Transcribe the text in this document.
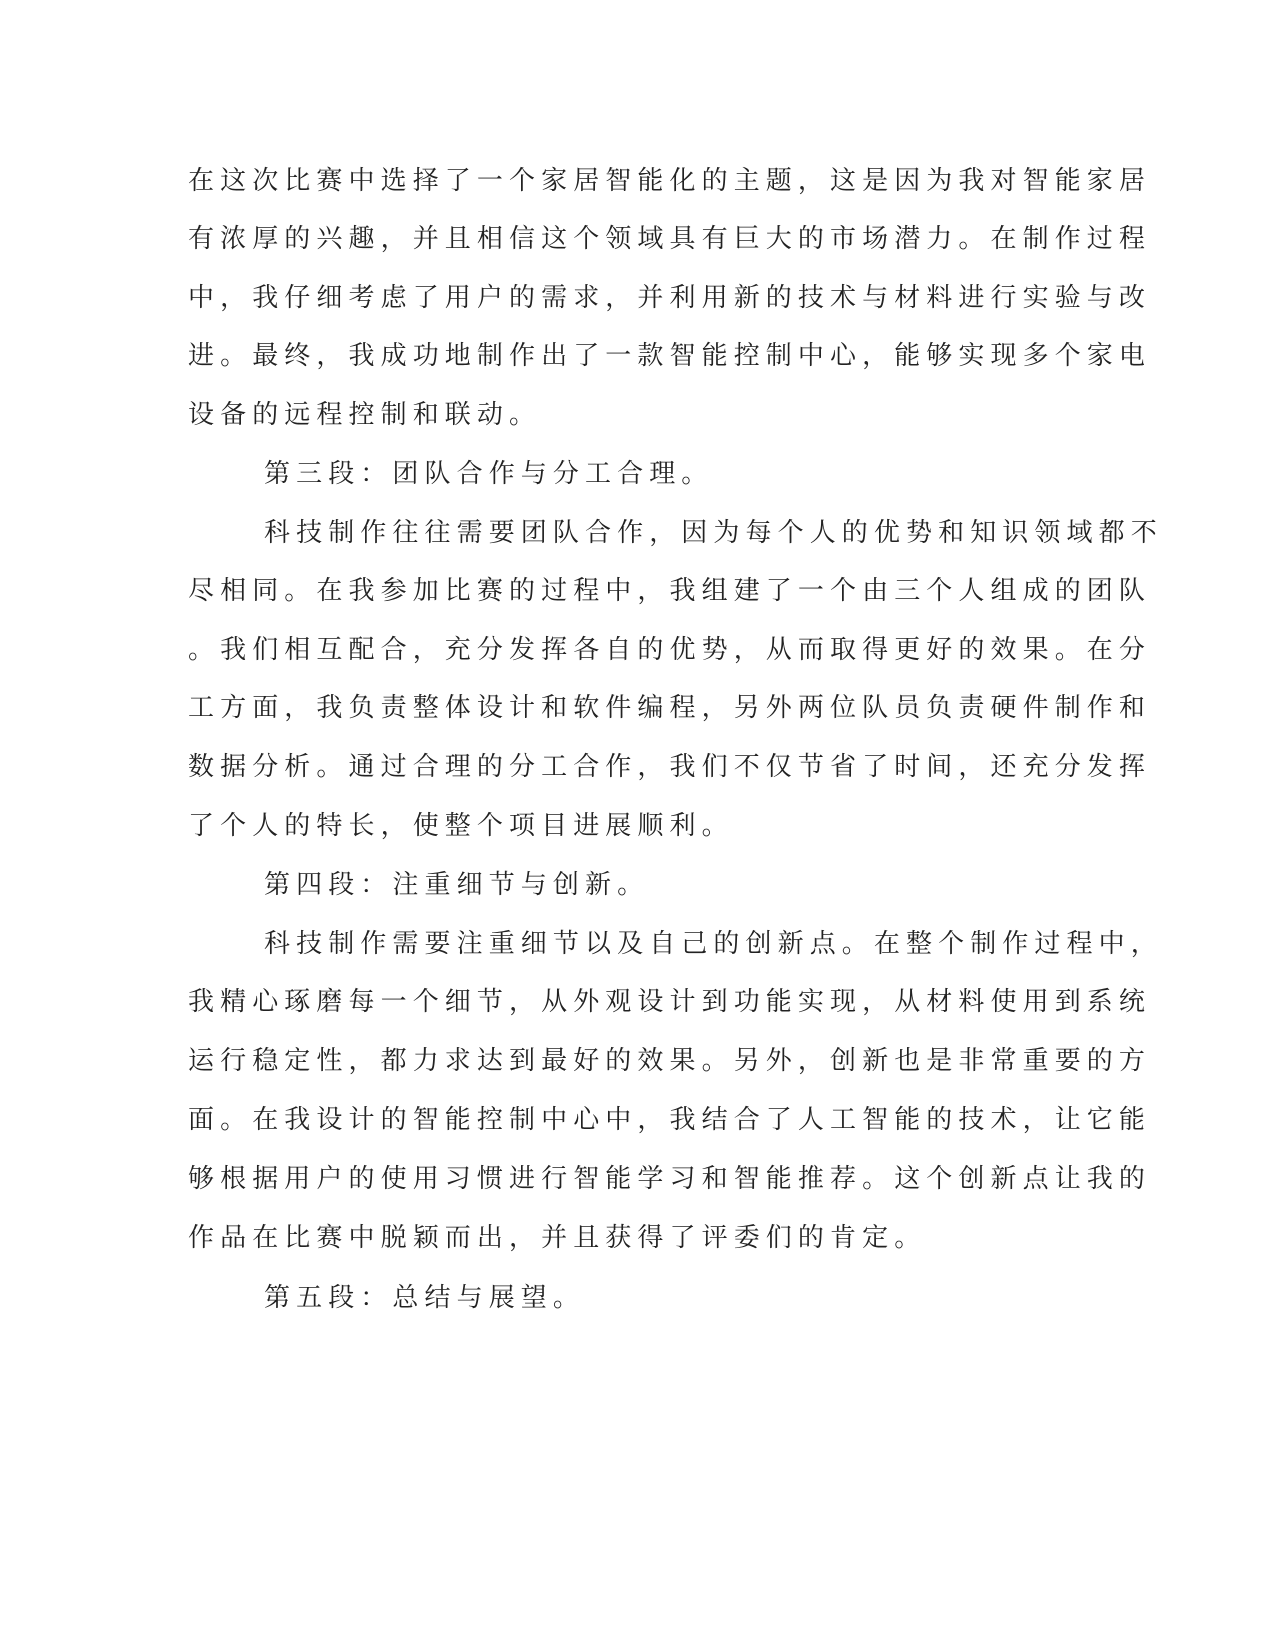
在这次比赛中选择了一个家居智能化的主题，这是因为我对智能家居
有浓厚的兴趣，并且相信这个领域具有巨大的市场潜力。在制作过程
中，我仔细考虑了用户的需求，并利用新的技术与材料进行实验与改
进。最终，我成功地制作出了一款智能控制中心，能够实现多个家电
设备的远程控制和联动。
第三段：团队合作与分工合理。
科技制作往往需要团队合作，因为每个人的优势和知识领域都不
尽相同。在我参加比赛的过程中，我组建了一个由三个人组成的团队
。我们相互配合，充分发挥各自的优势，从而取得更好的效果。在分
工方面，我负责整体设计和软件编程，另外两位队员负责硬件制作和
数据分析。通过合理的分工合作，我们不仅节省了时间，还充分发挥
了个人的特长，使整个项目进展顺利。
第四段：注重细节与创新。
科技制作需要注重细节以及自己的创新点。在整个制作过程中，
我精心琢磨每一个细节，从外观设计到功能实现，从材料使用到系统
运行稳定性，都力求达到最好的效果。另外，创新也是非常重要的方
面。在我设计的智能控制中心中，我结合了人工智能的技术，让它能
够根据用户的使用习惯进行智能学习和智能推荐。这个创新点让我的
作品在比赛中脱颖而出，并且获得了评委们的肯定。
第五段：总结与展望。
